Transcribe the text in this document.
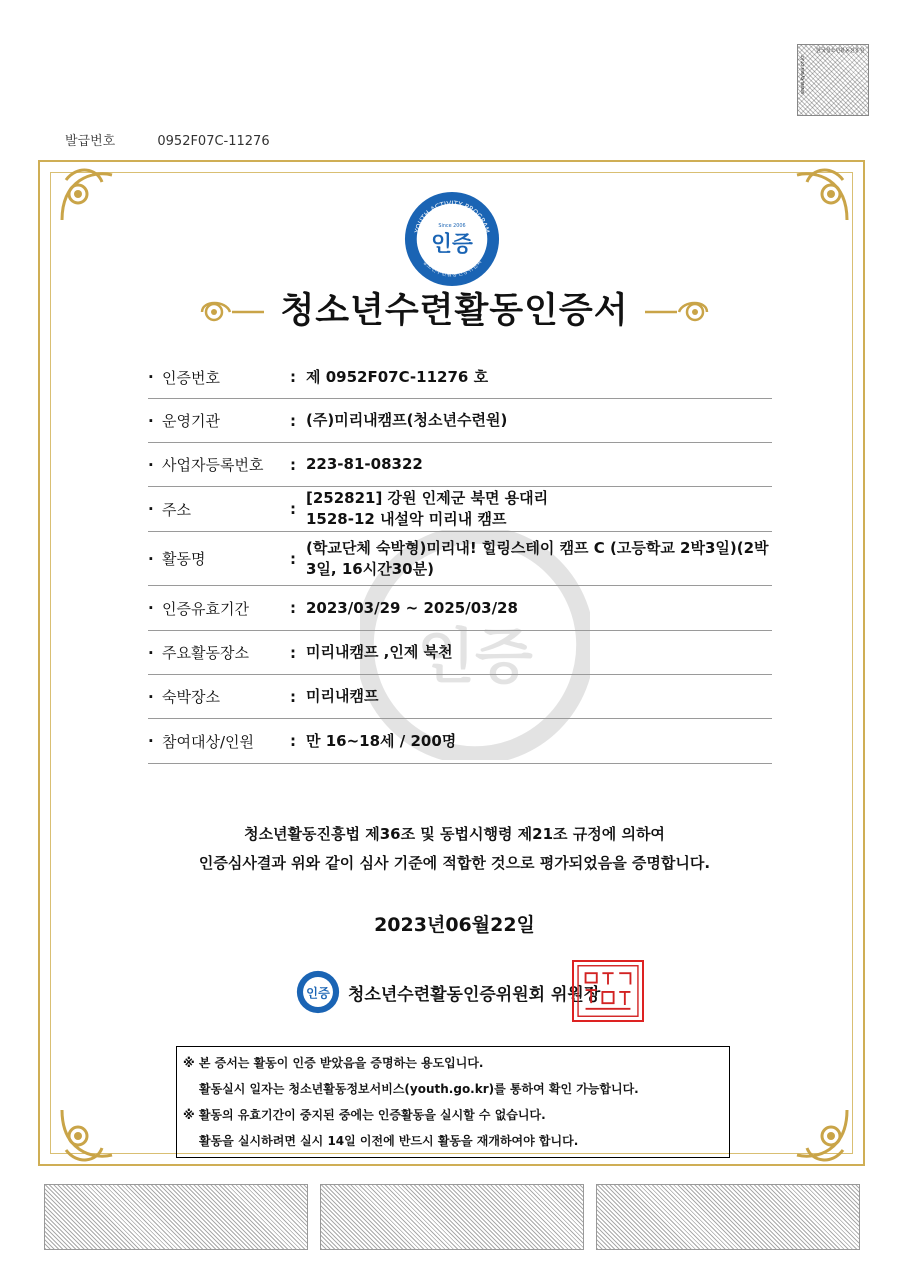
한국청소년활동진흥원
www.kywa.or.kr
발급번호	0952F07C-11276
YOUTH ACTIVITY PROGRAM
청소년수련활동인증위원회
Since 2006
인증
청소년수련활동인증서
인증
· 인증번호	: 제 0952F07C-11276 호
· 운영기관	: (주)미리내캠프(청소년수련원)
· 사업자등록번호	: 223-81-08322
· 주소	:
[252821] 강원 인제군 북면 용대리 1528-12 내설악 미리내 캠프
· 활동명	:
(학교단체 숙박형)미리내! 힐링스테이 캠프 C (고등학교 2박3일)(2박 3일, 16시간30분)
· 인증유효기간	: 2023/03/29 ~ 2025/03/28
· 주요활동장소	: 미리내캠프 ,인제 북천
· 숙박장소	: 미리내캠프
· 참여대상/인원	: 만 16~18세 / 200명
청소년활동진흥법 제36조 및 동법시행령 제21조 규정에 의하여
인증심사결과 위와 같이 심사 기준에 적합한 것으로 평가되었음을 증명합니다.
2023년06월22일
인증 청소년수련활동인증위원회 위원장
※ 본 증서는 활동이 인증 받았음을 증명하는 용도입니다.
활동실시 일자는 청소년활동정보서비스(youth.go.kr)를 통하여 확인 가능합니다.
※ 활동의 유효기간이 중지된 중에는 인증활동을 실시할 수 없습니다.
활동을 실시하려면 실시 14일 이전에 반드시 활동을 재개하여야 합니다.
